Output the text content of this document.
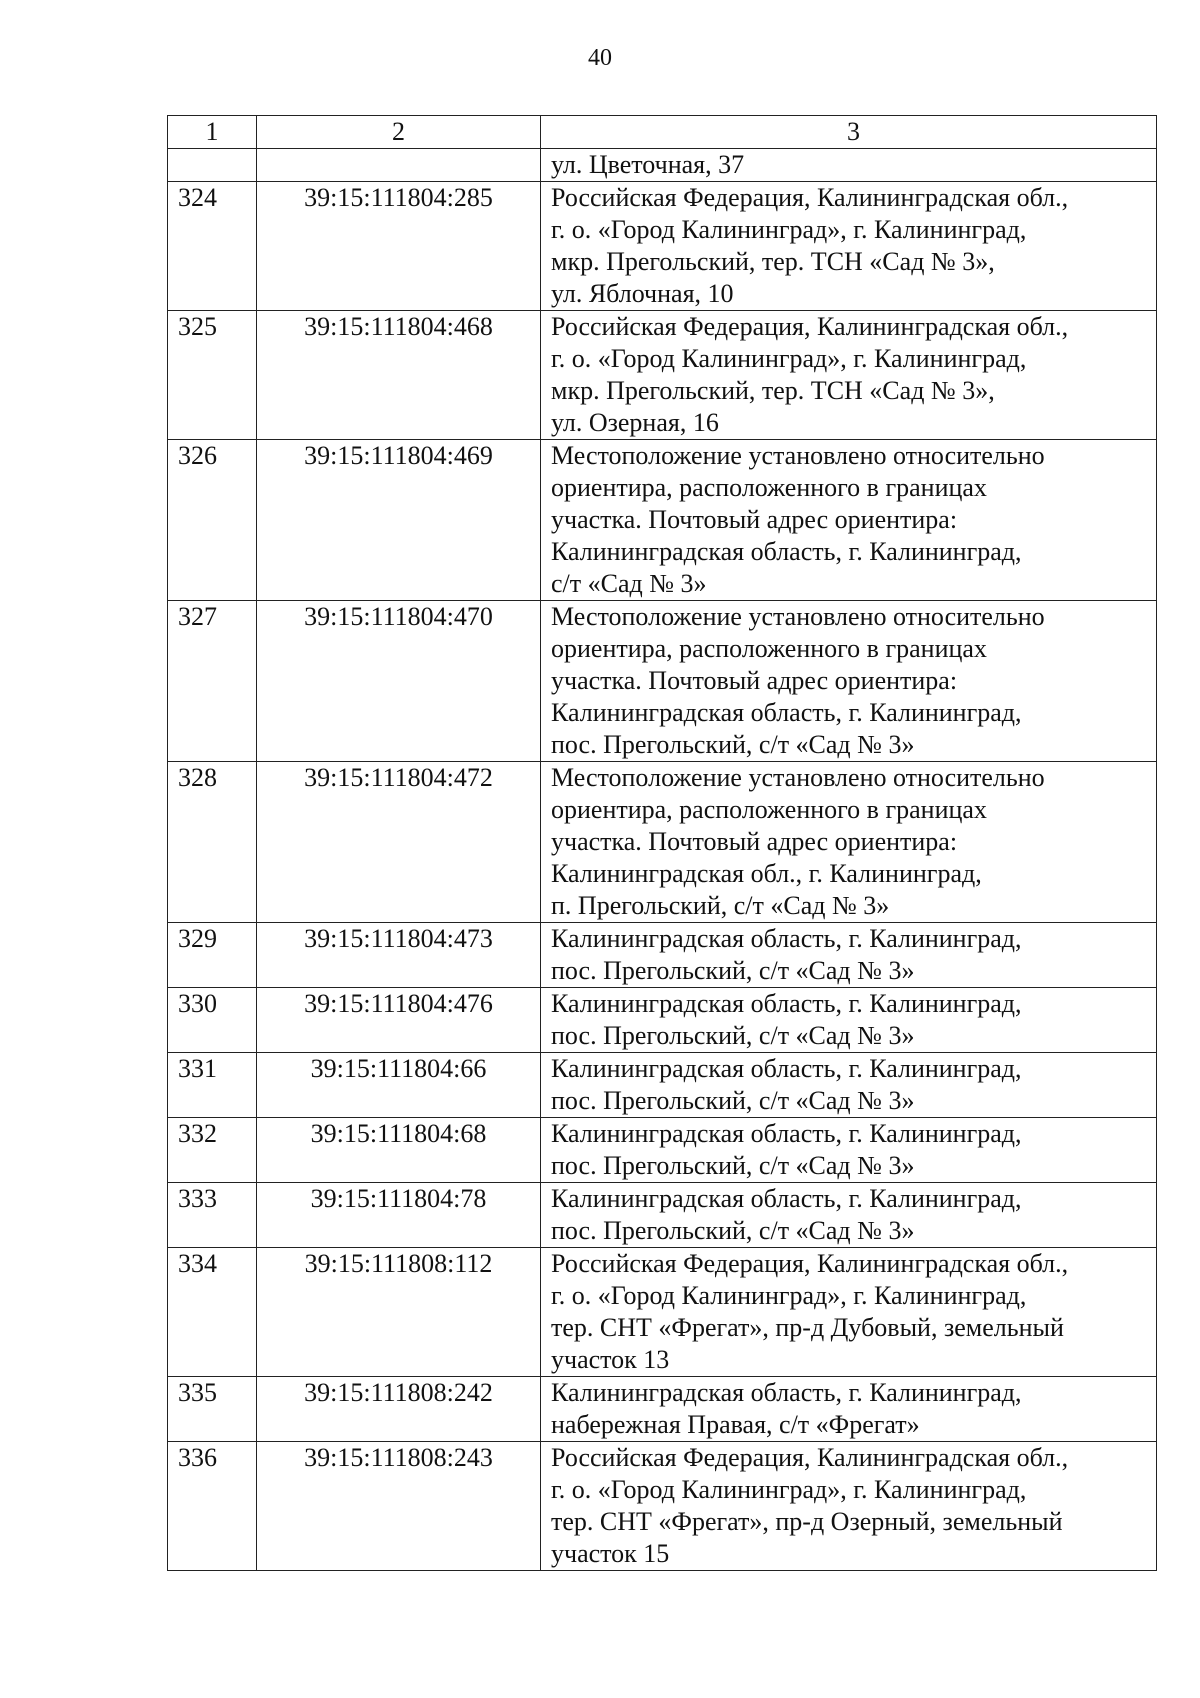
40
1	2	3

		ул. Цветочная, 37

324	39:15:111804:285	Российская Федерация, Калининградская обл.,
г. о. «Город Калининград», г. Калининград,
мкр. Прегольский, тер. ТСН «Сад № 3»,
ул. Яблочная, 10

325	39:15:111804:468	Российская Федерация, Калининградская обл.,
г. о. «Город Калининград», г. Калининград,
мкр. Прегольский, тер. ТСН «Сад № 3»,
ул. Озерная, 16

326	39:15:111804:469	Местоположение установлено относительно
ориентира, расположенного в границах
участка. Почтовый адрес ориентира:
Калининградская область, г. Калининград,
с/т «Сад № 3»

327	39:15:111804:470	Местоположение установлено относительно
ориентира, расположенного в границах
участка. Почтовый адрес ориентира:
Калининградская область, г. Калининград,
пос. Прегольский, с/т «Сад № 3»

328	39:15:111804:472	Местоположение установлено относительно
ориентира, расположенного в границах
участка. Почтовый адрес ориентира:
Калининградская обл., г. Калининград,
п. Прегольский, с/т «Сад № 3»

329	39:15:111804:473	Калининградская область, г. Калининград,
пос. Прегольский, с/т «Сад № 3»

330	39:15:111804:476	Калининградская область, г. Калининград,
пос. Прегольский, с/т «Сад № 3»

331	39:15:111804:66	Калининградская область, г. Калининград,
пос. Прегольский, с/т «Сад № 3»

332	39:15:111804:68	Калининградская область, г. Калининград,
пос. Прегольский, с/т «Сад № 3»

333	39:15:111804:78	Калининградская область, г. Калининград,
пос. Прегольский, с/т «Сад № 3»

334	39:15:111808:112	Российская Федерация, Калининградская обл.,
г. о. «Город Калининград», г. Калининград,
тер. СНТ «Фрегат», пр-д Дубовый, земельный
участок 13

335	39:15:111808:242	Калининградская область, г. Калининград,
набережная Правая, с/т «Фрегат»

336	39:15:111808:243	Российская Федерация, Калининградская обл.,
г. о. «Город Калининград», г. Калининград,
тер. СНТ «Фрегат», пр-д Озерный, земельный
участок 15
